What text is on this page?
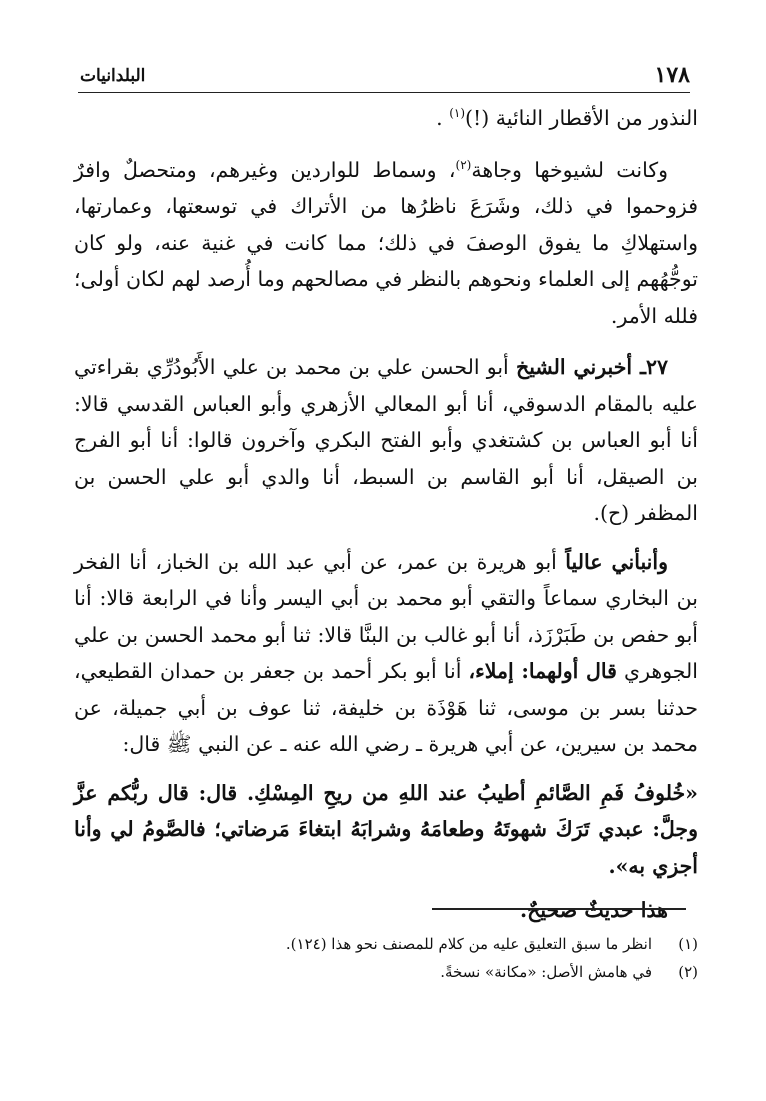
١٧٨
البلدانيات

النذور من الأقطار النائية (!)$^{(١)}$ .

وكانت لشيوخها وجاهة$^{(٢)}$، وسماط للواردين وغيرهم، ومتحصلٌ وافرٌ فزوحموا في ذلك، وشَرَعَ ناظرُها من الأتراك في توسعتها، وعمارتها، واستهلاكِ ما يفوق الوصفَ في ذلك؛ مما كانت في غنية عنه، ولو كان توجُّهُهم إلى العلماء ونحوهم بالنظر في مصالحهم وما أُرصد لهم لكان أولى؛ فلله الأمر.

٢٧ـ أخبرني الشيخ أبو الحسن علي بن محمد بن علي الأَبُودُرِّي بقراءتي عليه بالمقام الدسوقي، أنا أبو المعالي الأزهري وأبو العباس القدسي قالا: أنا أبو العباس بن كشتغدي وأبو الفتح البكري وآخرون قالوا: أنا أبو الفرج بن الصيقل، أنا أبو القاسم بن السبط، أنا والدي أبو علي الحسن بن المظفر (ح).

وأنبأني عالياً أبو هريرة بن عمر، عن أبي عبد الله بن الخباز، أنا الفخر بن البخاري سماعاً والتقي أبو محمد بن أبي اليسر وأنا في الرابعة قالا: أنا أبو حفص بن طَبَرْزَذ، أنا أبو غالب بن البنَّا قالا: ثنا أبو محمد الحسن بن علي الجوهري قال أولهما: إملاء، أنا أبو بكر أحمد بن جعفر بن حمدان القطيعي، حدثنا بسر بن موسى، ثنا هَوْذَة بن خليفة، ثنا عوف بن أبي جميلة، عن محمد بن سيرين، عن أبي هريرة ـ رضي الله عنه ـ عن النبي ﷺ قال:

«خُلوفُ فَمِ الصَّائمِ أطيبُ عند اللهِ من ريحِ المِسْكِ. قال: قال ربُّكم عزَّ وجلَّ: عبدي تَرَكَ شهوتَهُ وطعامَهُ وشرابَهُ ابتغاءَ مَرضاتي؛ فالصَّومُ لي وأنا أجزي به».

هذا حديثٌ صحيحٌ.

(١)
انظر ما سبق التعليق عليه من كلام للمصنف نحو هذا (١٢٤).
(٢)
في هامش الأصل: «مكانة» نسخةً.
